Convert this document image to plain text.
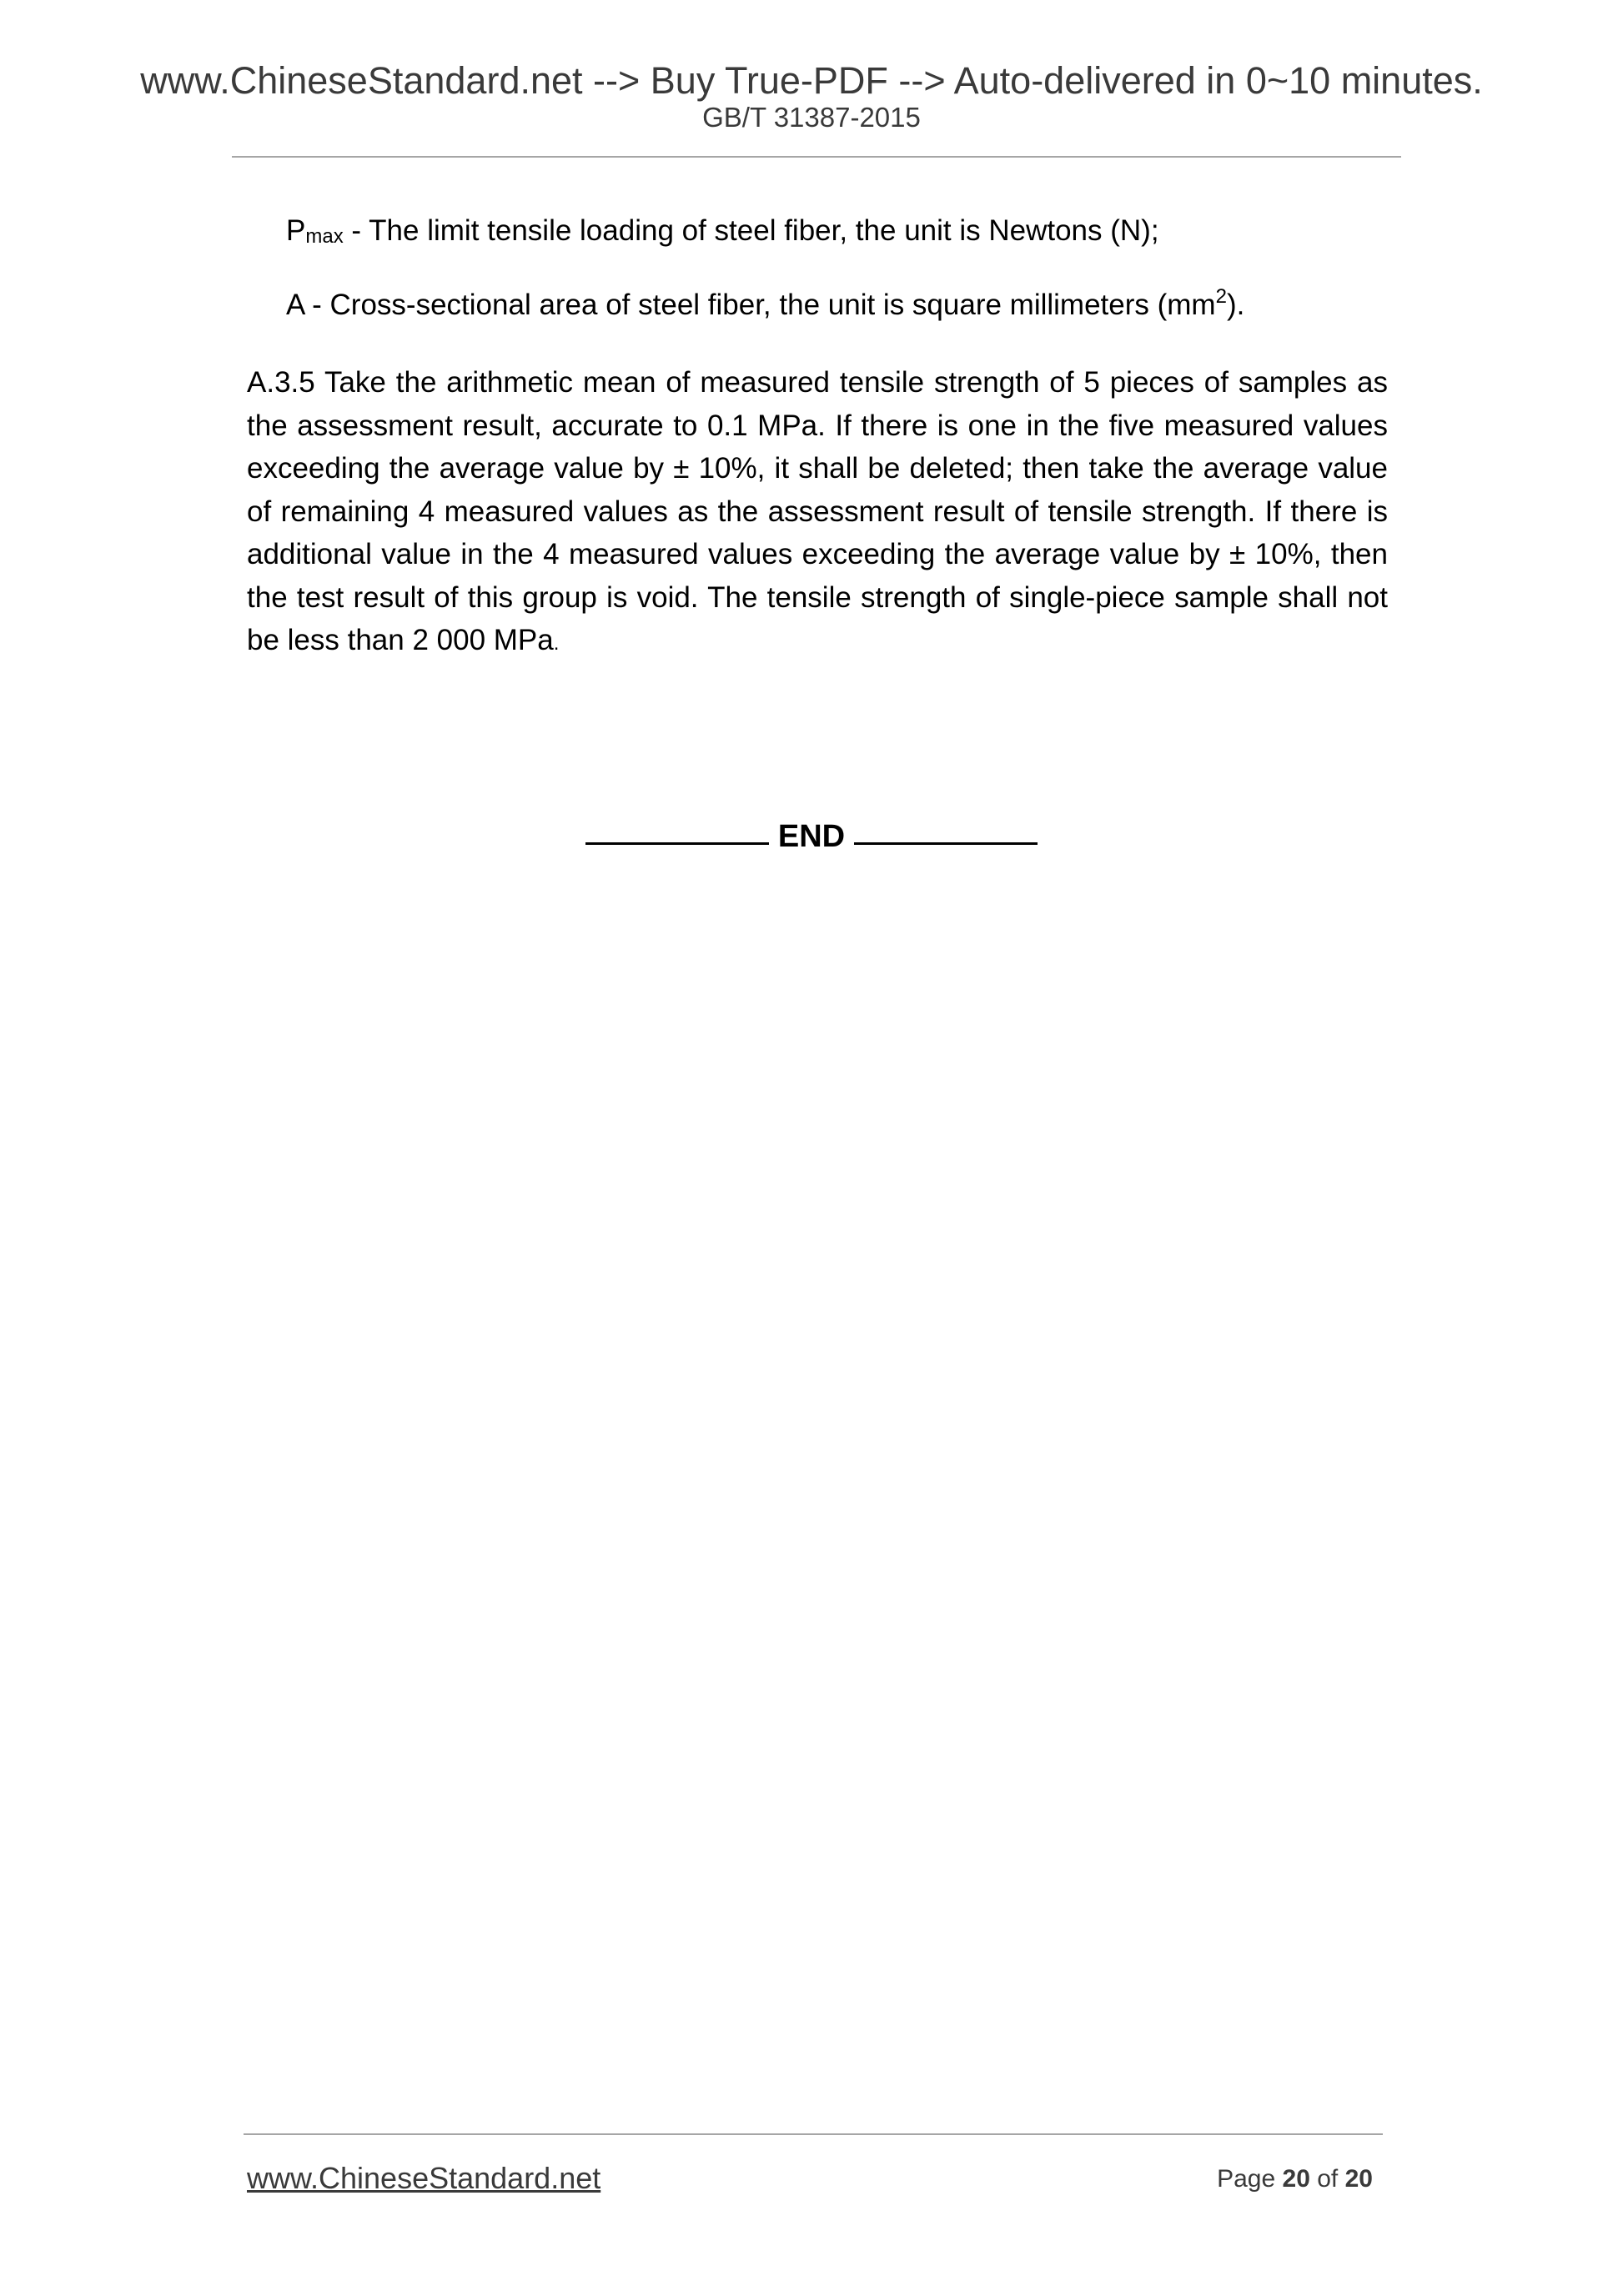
www.ChineseStandard.net --> Buy True-PDF --> Auto-delivered in 0~10 minutes.
GB/T 31387-2015
$P_{max}$ - The limit tensile loading of steel fiber, the unit is Newtons (N);
A - Cross-sectional area of steel fiber, the unit is square millimeters $(mm^2)$.
A.3.5 Take the arithmetic mean of measured tensile strength of 5 pieces of samples as the assessment result, accurate to 0.1 MPa. If there is one in the five measured values exceeding the average value by ± 10%, it shall be deleted; then take the average value of remaining 4 measured values as the assessment result of tensile strength. If there is additional value in the 4 measured values exceeding the average value by ± 10%, then the test result of this group is void. The tensile strength of single-piece sample shall not be less than 2 000 MPa.
END
www.ChineseStandard.net	Page 20 of 20
